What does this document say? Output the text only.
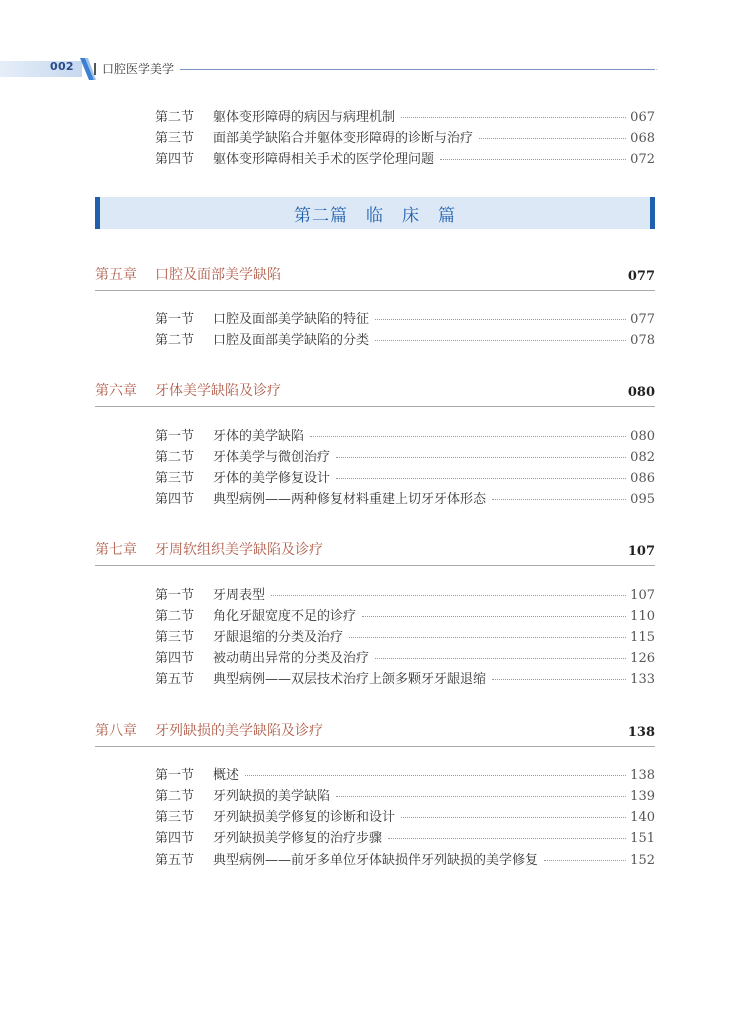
002 口腔医学美学	·
第二节	躯体变形障碍的病因与病理机制	067
第三节	面部美学缺陷合并躯体变形障碍的诊断与治疗	068
第四节	躯体变形障碍相关手术的医学伦理问题	072
第二篇　临　床　篇
第五章	口腔及面部美学缺陷	077
第一节	口腔及面部美学缺陷的特征	077
第二节	口腔及面部美学缺陷的分类	078
第六章	牙体美学缺陷及诊疗	080
第一节	牙体的美学缺陷	080
第二节	牙体美学与微创治疗	082
第三节	牙体的美学修复设计	086
第四节	典型病例——两种修复材料重建上切牙牙体形态	095
第七章	牙周软组织美学缺陷及诊疗	107
第一节	牙周表型	107
第二节	角化牙龈宽度不足的诊疗	110
第三节	牙龈退缩的分类及治疗	115
第四节	被动萌出异常的分类及治疗	126
第五节	典型病例——双层技术治疗上颌多颗牙牙龈退缩	133
第八章	牙列缺损的美学缺陷及诊疗	138
第一节	概述	138
第二节	牙列缺损的美学缺陷	139
第三节	牙列缺损美学修复的诊断和设计	140
第四节	牙列缺损美学修复的治疗步骤	151
第五节	典型病例——前牙多单位牙体缺损伴牙列缺损的美学修复	152
